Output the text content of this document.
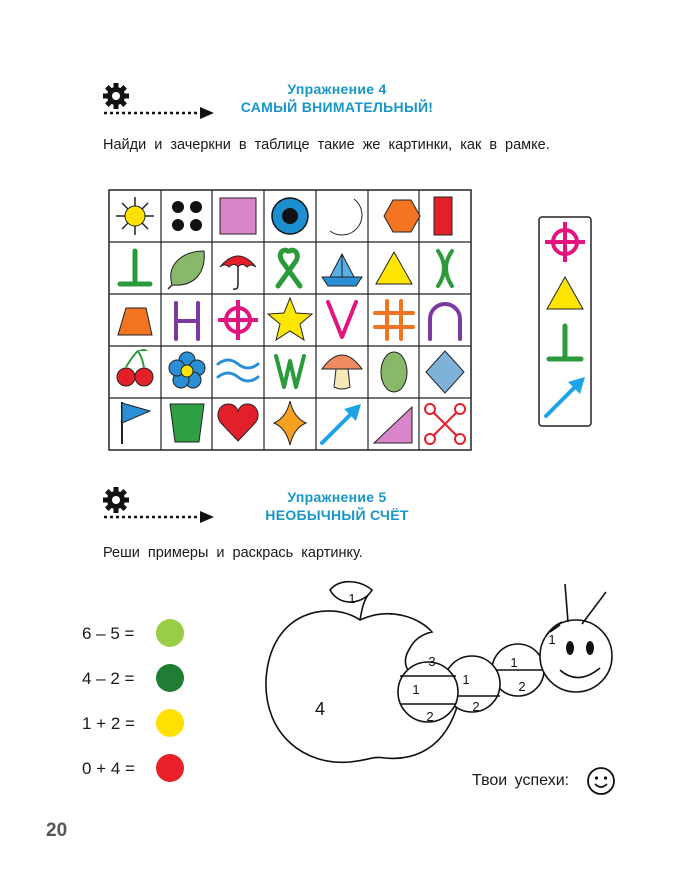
Упражнение 4
САМЫЙ ВНИМАТЕЛЬНЫЙ!
Найди и зачеркни в таблице такие же картинки, как в рамке.
Упражнение 5
НЕОБЫЧНЫЙ СЧЁТ
Реши примеры и раскрась картинку.
6 – 5 =
4 – 2 =
1 + 2 =
0 + 4 =
1
4
3
1
2
1
2
1
2
1
Твои успехи:
20
